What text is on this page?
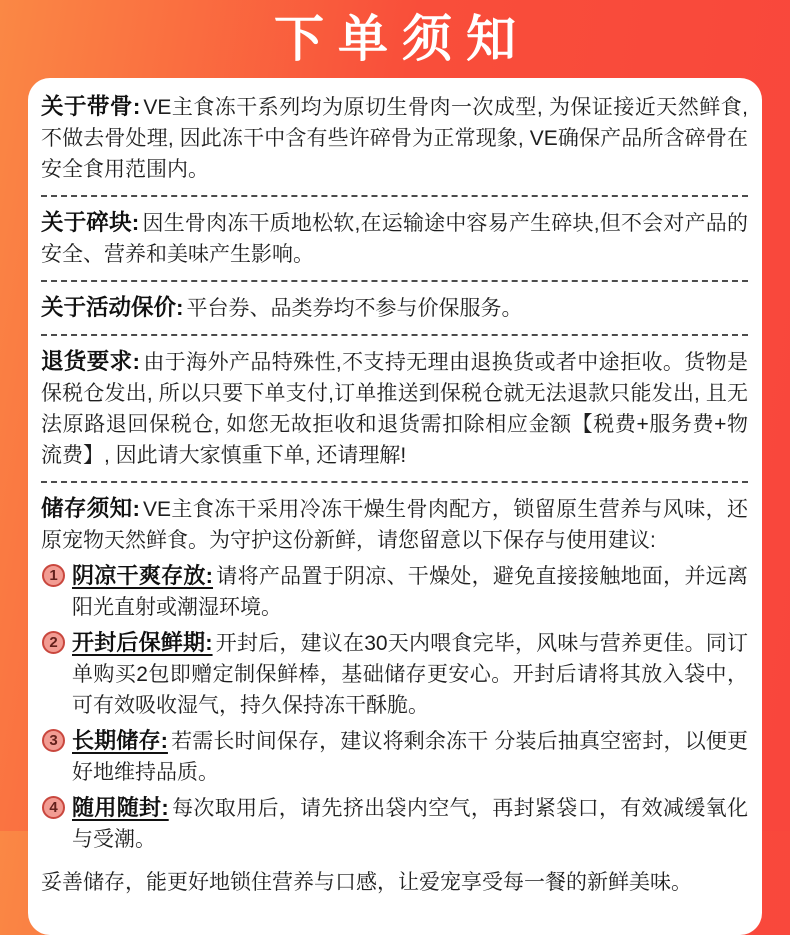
下单须知

关于带骨: VE主食冻干系列均为原切生骨肉一次成型, 为保证接近天然鲜食,不做去骨处理, 因此冻干中含有些许碎骨为正常现象, VE确保产品所含碎骨在安全食用范围内。

关于碎块: 因生骨肉冻干质地松软,在运输途中容易产生碎块,但不会对产品的安全、营养和美味产生影响。

关于活动保价: 平台券、品类券均不参与价保服务。

退货要求: 由于海外产品特殊性,不支持无理由退换货或者中途拒收。货物是保税仓发出, 所以只要下单支付,订单推送到保税仓就无法退款只能发出, 且无法原路退回保税仓, 如您无故拒收和退货需扣除相应金额【税费+服务费+物流费】, 因此请大家慎重下单, 还请理解!

储存须知: VE主食冻干采用冷冻干燥生骨肉配方，锁留原生营养与风味，还原宠物天然鲜食。为守护这份新鲜，请您留意以下保存与使用建议:

1 阴凉干爽存放: 请将产品置于阴凉、干燥处，避免直接接触地面，并远离阳光直射或潮湿环境。
2 开封后保鲜期: 开封后，建议在30天内喂食完毕，风味与营养更佳。同订单购买2包即赠定制保鲜棒，基础储存更安心。开封后请将其放入袋中，可有效吸收湿气，持久保持冻干酥脆。
3 长期储存: 若需长时间保存，建议将剩余冻干 分装后抽真空密封，以便更好地维持品质。
4 随用随封: 每次取用后，请先挤出袋内空气，再封紧袋口，有效减缓氧化与受潮。

妥善储存，能更好地锁住营养与口感，让爱宠享受每一餐的新鲜美味。
